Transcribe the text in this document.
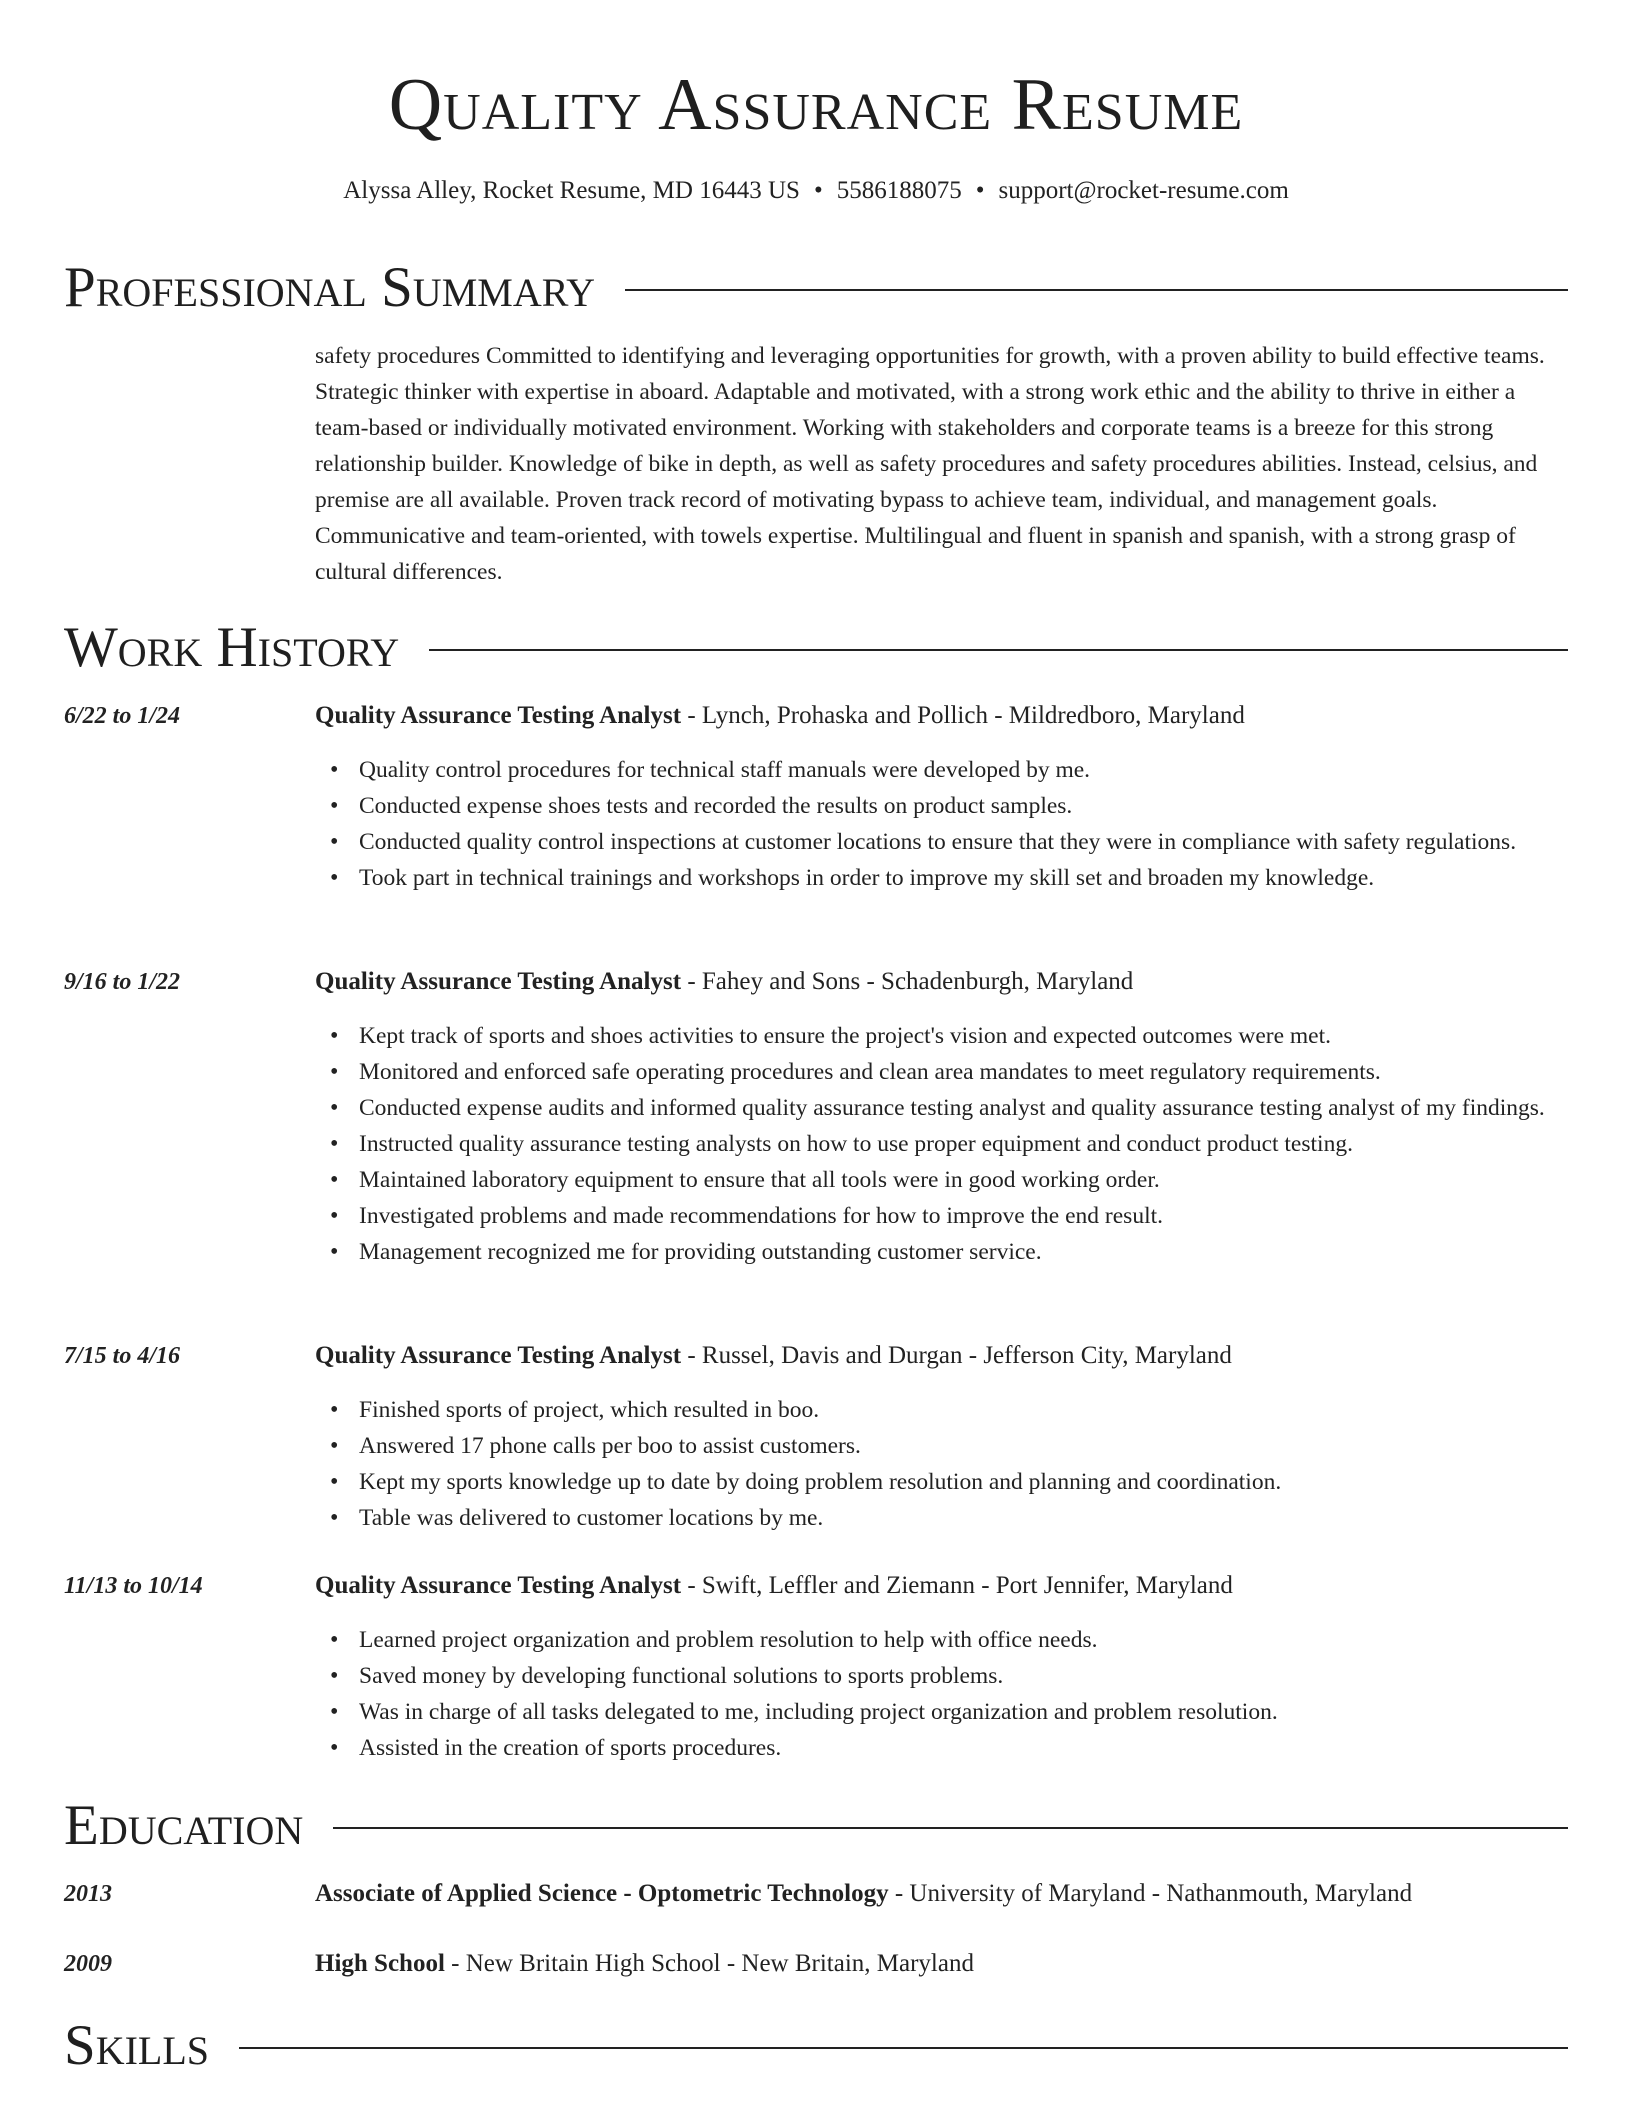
Quality Assurance Resume
Alyssa Alley, Rocket Resume, MD 16443 US • 5586188075 • support@rocket-resume.com
Professional Summary
safety procedures Committed to identifying and leveraging opportunities for growth, with a proven ability to build effective teams. Strategic thinker with expertise in aboard. Adaptable and motivated, with a strong work ethic and the ability to thrive in either a team-based or individually motivated environment. Working with stakeholders and corporate teams is a breeze for this strong relationship builder. Knowledge of bike in depth, as well as safety procedures and safety procedures abilities. Instead, celsius, and premise are all available. Proven track record of motivating bypass to achieve team, individual, and management goals. Communicative and team-oriented, with towels expertise. Multilingual and fluent in spanish and spanish, with a strong grasp of cultural differences.
Work History
6/22 to 1/24	Quality Assurance Testing Analyst - Lynch, Prohaska and Pollich - Mildredboro, Maryland
• Quality control procedures for technical staff manuals were developed by me.
• Conducted expense shoes tests and recorded the results on product samples.
• Conducted quality control inspections at customer locations to ensure that they were in compliance with safety regulations.
• Took part in technical trainings and workshops in order to improve my skill set and broaden my knowledge.
9/16 to 1/22	Quality Assurance Testing Analyst - Fahey and Sons - Schadenburgh, Maryland
• Kept track of sports and shoes activities to ensure the project's vision and expected outcomes were met.
• Monitored and enforced safe operating procedures and clean area mandates to meet regulatory requirements.
• Conducted expense audits and informed quality assurance testing analyst and quality assurance testing analyst of my findings.
• Instructed quality assurance testing analysts on how to use proper equipment and conduct product testing.
• Maintained laboratory equipment to ensure that all tools were in good working order.
• Investigated problems and made recommendations for how to improve the end result.
• Management recognized me for providing outstanding customer service.
7/15 to 4/16	Quality Assurance Testing Analyst - Russel, Davis and Durgan - Jefferson City, Maryland
• Finished sports of project, which resulted in boo.
• Answered 17 phone calls per boo to assist customers.
• Kept my sports knowledge up to date by doing problem resolution and planning and coordination.
• Table was delivered to customer locations by me.
11/13 to 10/14	Quality Assurance Testing Analyst - Swift, Leffler and Ziemann - Port Jennifer, Maryland
• Learned project organization and problem resolution to help with office needs.
• Saved money by developing functional solutions to sports problems.
• Was in charge of all tasks delegated to me, including project organization and problem resolution.
• Assisted in the creation of sports procedures.
Education
2013	Associate of Applied Science - Optometric Technology - University of Maryland - Nathanmouth, Maryland
2009	High School - New Britain High School - New Britain, Maryland
Skills
